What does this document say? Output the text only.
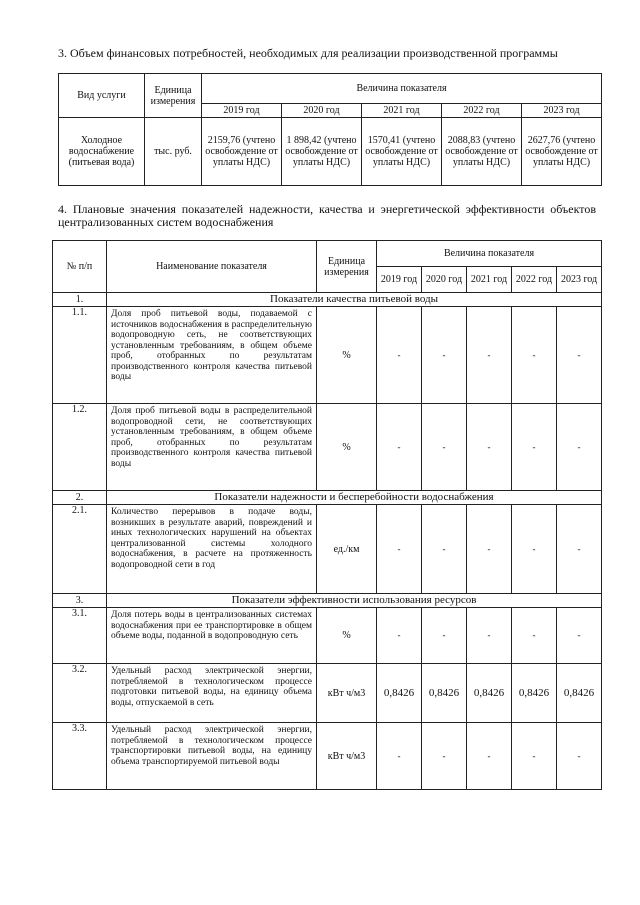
3. Объем финансовых потребностей, необходимых для реализации производственной программы
Вид услуги	Единица измерения	Величина показателя				
		2019 год	2020 год	2021 год	2022 год	2023 год
Холодное водоснабжение (питьевая вода)	тыс. руб.	2159,76 (учтено освобождение от уплаты НДС)	1 898,42 (учтено освобождение от уплаты НДС)	1570,41 (учтено освобождение от уплаты НДС)	2088,83 (учтено освобождение от уплаты НДС)	2627,76 (учтено освобождение от уплаты НДС)
4. Плановые значения показателей надежности, качества и энергетической эффективности объектов централизованных систем водоснабжения
№ п/п	Наименование показателя	Единица измерения	Величина показателя				
			2019 год	2020 год	2021 год	2022 год	2023 год
1.	Показатели качества питьевой воды						
1.1.	Доля проб питьевой воды, подаваемой с источников водоснабжения в распределительную водопроводную сеть, не соответствующих установленным требованиям, в общем объеме проб, отобранных по результатам производственного контроля качества питьевой воды	%	-	-	-	-	-
1.2.	Доля проб питьевой воды в распределительной водопроводной сети, не соответствующих установленным требованиям, в общем объеме проб, отобранных по результатам производственного контроля качества питьевой воды	%	-	-	-	-	-
2.	Показатели надежности и бесперебойности водоснабжения						
2.1.	Количество перерывов в подаче воды, возникших в результате аварий, повреждений и иных технологических нарушений на объектах централизованной системы холодного водоснабжения, в расчете на протяженность водопроводной сети в год	ед./км	-	-	-	-	-
3.	Показатели эффективности использования ресурсов						
3.1.	Доля потерь воды в централизованных системах водоснабжения при ее транспортировке в общем объеме воды, поданной в водопроводную сеть	%	-	-	-	-	-
3.2.	Удельный расход электрической энергии, потребляемой в технологическом процессе подготовки питьевой воды, на единицу объема воды, отпускаемой в сеть	кВт ч/м3	0,8426	0,8426	0,8426	0,8426	0,8426
3.3.	Удельный расход электрической энергии, потребляемой в технологическом процессе транспортировки питьевой воды, на единицу объема транспортируемой питьевой воды	кВт ч/м3	-	-	-	-	-
